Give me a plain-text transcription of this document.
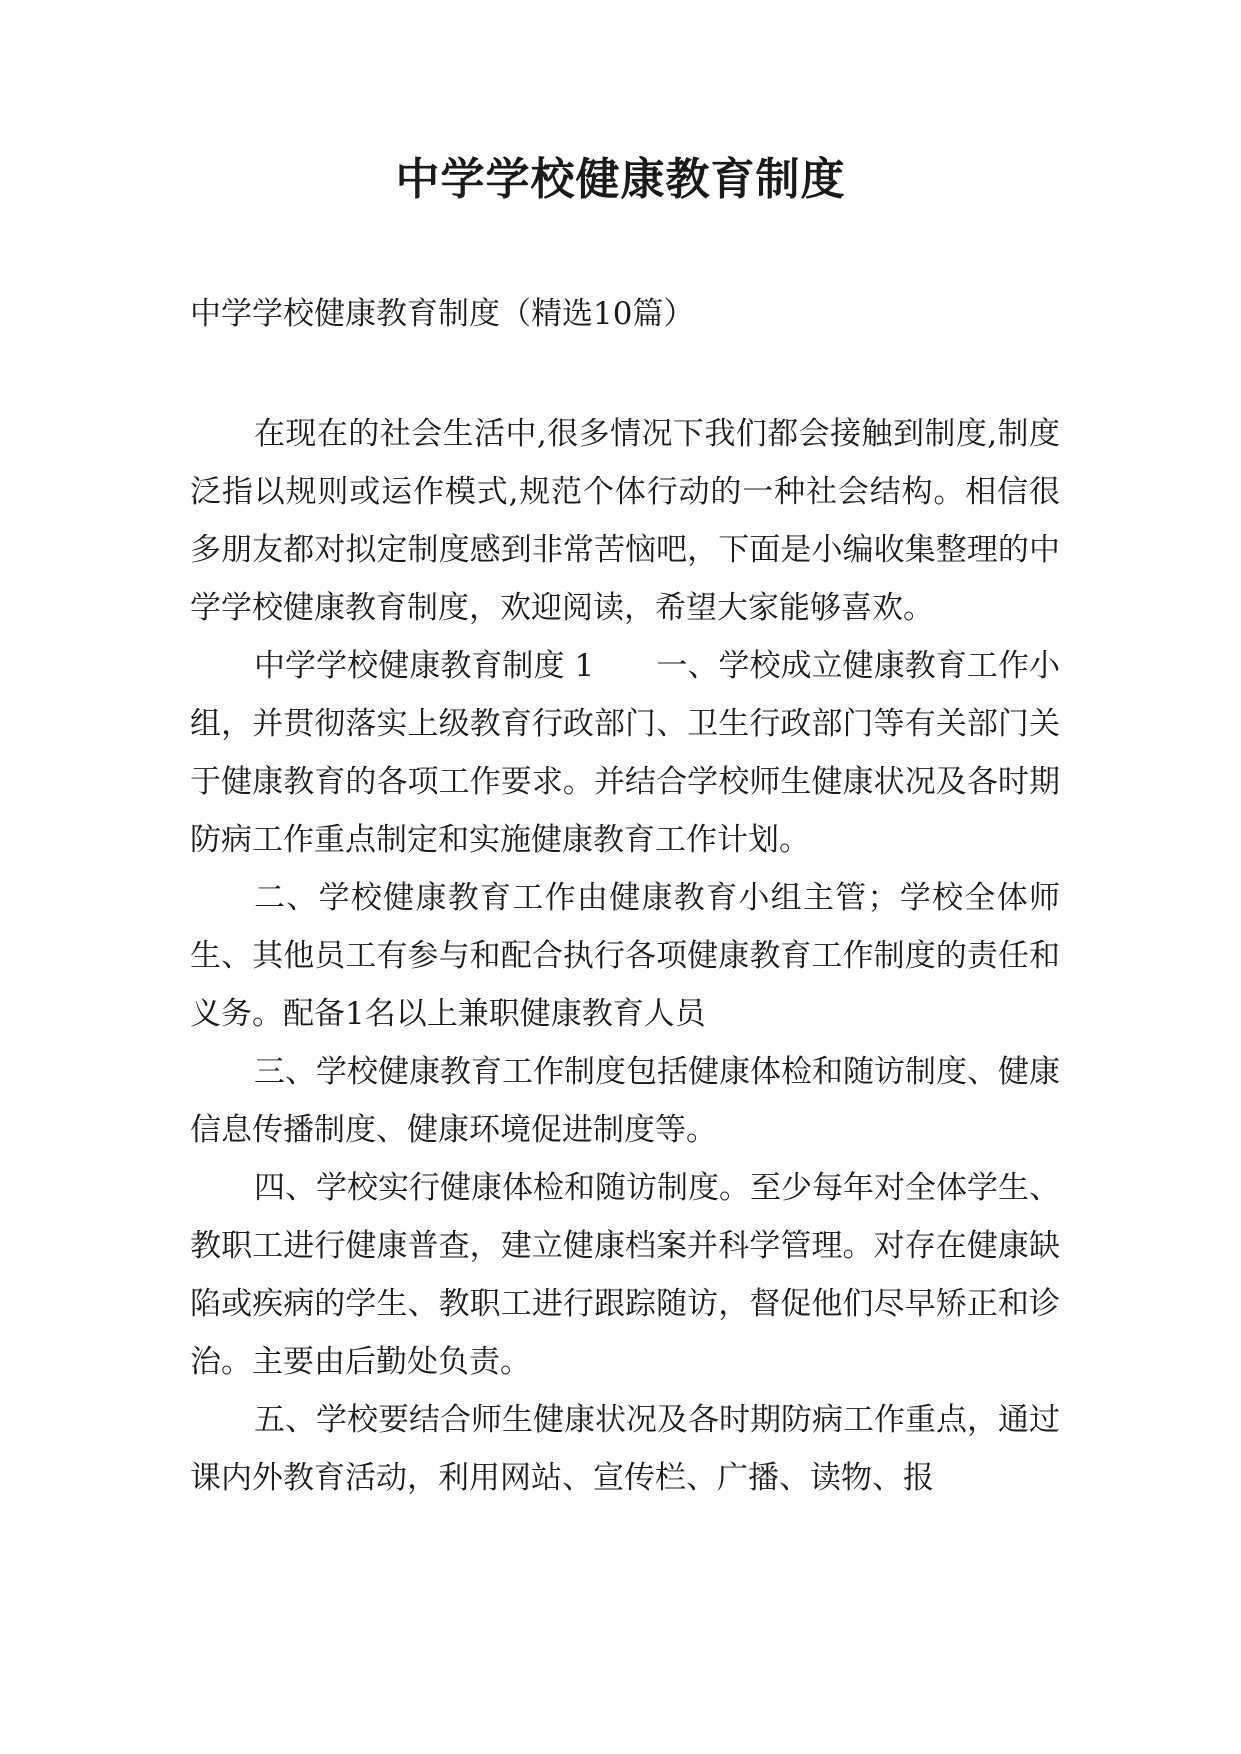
中学学校健康教育制度

中学学校健康教育制度（精选10篇）

在现在的社会生活中,很多情况下我们都会接触到制度,制度泛指以规则或运作模式,规范个体行动的一种社会结构。相信很多朋友都对拟定制度感到非常苦恼吧，下面是小编收集整理的中学学校健康教育制度，欢迎阅读，希望大家能够喜欢。

中学学校健康教育制度 1　　一、学校成立健康教育工作小组，并贯彻落实上级教育行政部门、卫生行政部门等有关部门关于健康教育的各项工作要求。并结合学校师生健康状况及各时期防病工作重点制定和实施健康教育工作计划。

二、学校健康教育工作由健康教育小组主管；学校全体师生、其他员工有参与和配合执行各项健康教育工作制度的责任和义务。配备1名以上兼职健康教育人员

三、学校健康教育工作制度包括健康体检和随访制度、健康信息传播制度、健康环境促进制度等。

四、学校实行健康体检和随访制度。至少每年对全体学生、教职工进行健康普查，建立健康档案并科学管理。对存在健康缺陷或疾病的学生、教职工进行跟踪随访，督促他们尽早矫正和诊治。主要由后勤处负责。

五、学校要结合师生健康状况及各时期防病工作重点，通过课内外教育活动，利用网站、宣传栏、广播、读物、报
